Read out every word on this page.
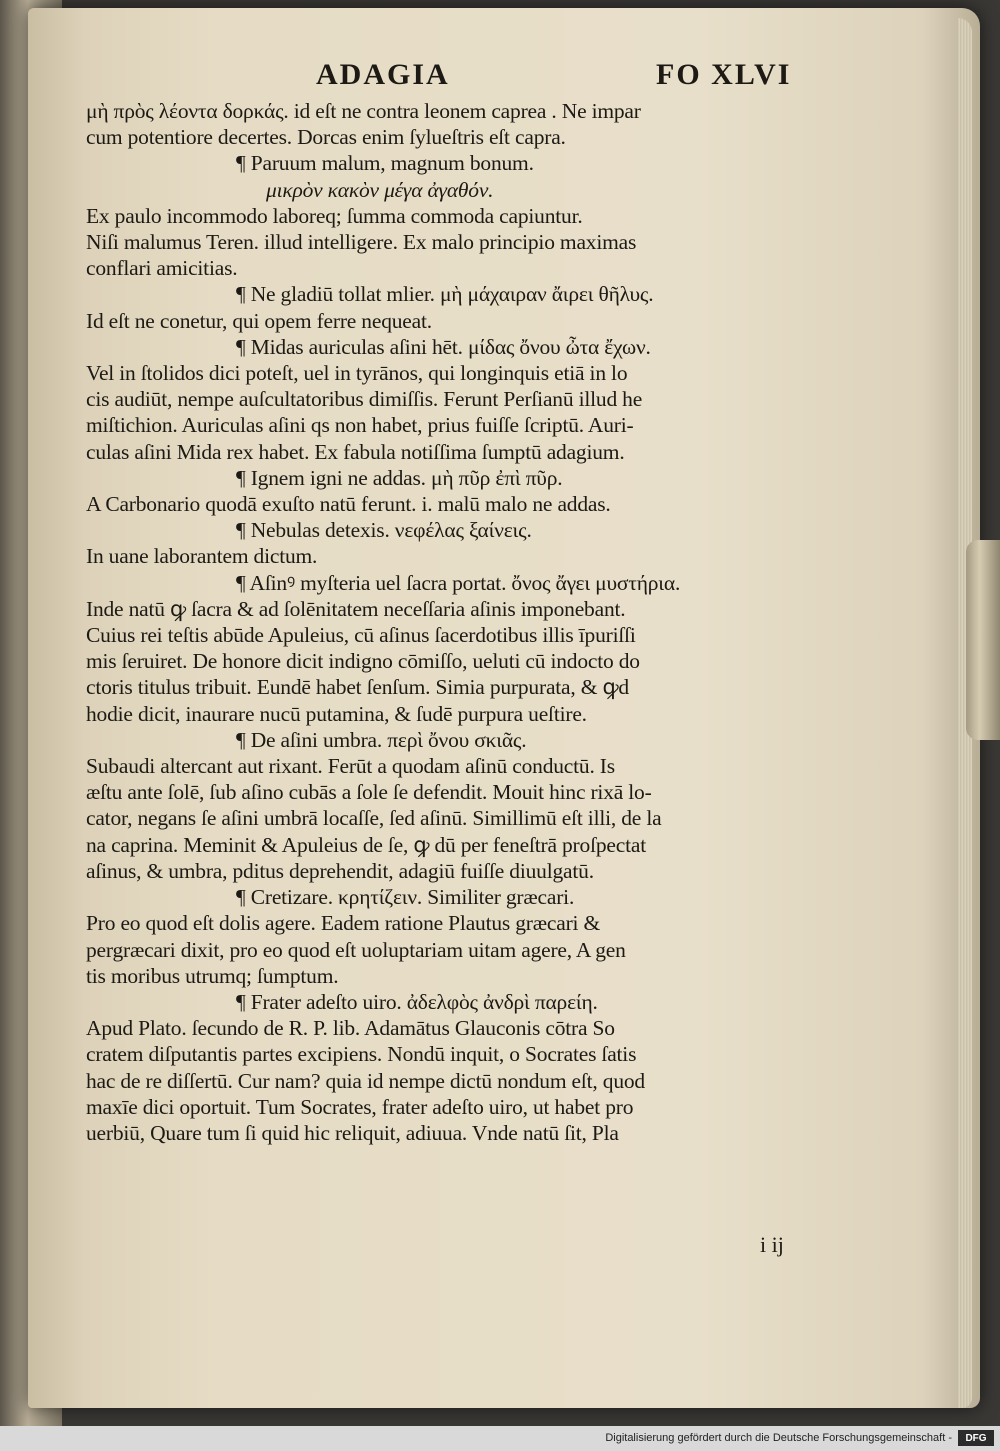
ADAGIA	FO XLVI
μὴ πρὸς λέοντα δορκάς. id eſt ne contra leonem caprea . Ne impar
cum potentiore decertes. Dorcas enim ſylueſtris eſt capra.
¶ Paruum malum, magnum bonum.
μικρὸν κακὸν μέγα ἀγαθόν.
Ex paulo incommodo laboreq; ſumma commoda capiuntur.
Niſi malumus Teren. illud intelligere. Ex malo principio maximas
conflari amicitias.
¶ Ne gladiū tollat mlier. μὴ μάχαιραν ἄιρει θῆλυς.
Id eſt ne conetur, qui opem ferre nequeat.
¶ Midas auriculas aſini hēt. μίδας ὄνου ὦτα ἔχων.
Vel in ſtolidos dici poteſt, uel in tyrānos, qui longinquis etiā in lo
cis audiūt, nempe auſcultatoribus dimiſſis. Ferunt Perſianū illud he
miſtichion. Auriculas aſini qs non habet, prius fuiſſe ſcriptū. Auri-
culas aſini Mida rex habet. Ex fabula notiſſima ſumptū adagium.
¶ Ignem igni ne addas. μὴ πῦρ ἐπὶ πῦρ.
A Carbonario quodā exuſto natū ferunt. i. malū malo ne addas.
¶ Nebulas detexis. νεφέλας ξαίνεις.
In uane laborantem dictum.
¶ Aſinꝰ myſteria uel ſacra portat. ὄνος ἄγει μυστήρια.
Inde natū ꝙ ſacra & ad ſolēnitatem neceſſaria aſinis imponebant.
Cuius rei teſtis abūde Apuleius, cū aſinus ſacerdotibus illis īpuriſſi
mis ſeruiret. De honore dicit indigno cōmiſſo, ueluti cū indocto do
ctoris titulus tribuit. Eundē habet ſenſum. Simia purpurata, & ꝙd
hodie dicit, inaurare nucū putamina, & ſudē purpura ueſtire.
¶ De aſini umbra. περὶ ὄνου σκιᾶς.
Subaudi altercant aut rixant. Ferūt a quodam aſinū conductū. Is
æſtu ante ſolē, ſub aſino cubās a ſole ſe defendit. Mouit hinc rixā lo-
cator, negans ſe aſini umbrā locaſſe, ſed aſinū. Simillimū eſt illi, de la
na caprina. Meminit & Apuleius de ſe, ꝙ dū per feneſtrā proſpectat
aſinus, & umbra, pditus deprehendit, adagiū fuiſſe diuulgatū.
¶ Cretizare. κρητίζειν. Similiter græcari.
Pro eo quod eſt dolis agere. Eadem ratione Plautus græcari &
pergræcari dixit, pro eo quod eſt uoluptariam uitam agere, A gen
tis moribus utrumq; ſumptum.
¶ Frater adeſto uiro. ἀδελφὸς ἀνδρὶ παρείη.
Apud Plato. ſecundo de R. P. lib. Adamātus Glauconis cōtra So
cratem diſputantis partes excipiens. Nondū inquit, o Socrates ſatis
hac de re diſſertū. Cur nam? quia id nempe dictū nondum eſt, quod
maxīe dici oportuit. Tum Socrates, frater adeſto uiro, ut habet pro
uerbiū, Quare tum ſi quid hic reliquit, adiuua. Vnde natū ſit, Pla
i ij
Digitalisierung gefördert durch die Deutsche Forschungsgemeinschaft -	DFG
